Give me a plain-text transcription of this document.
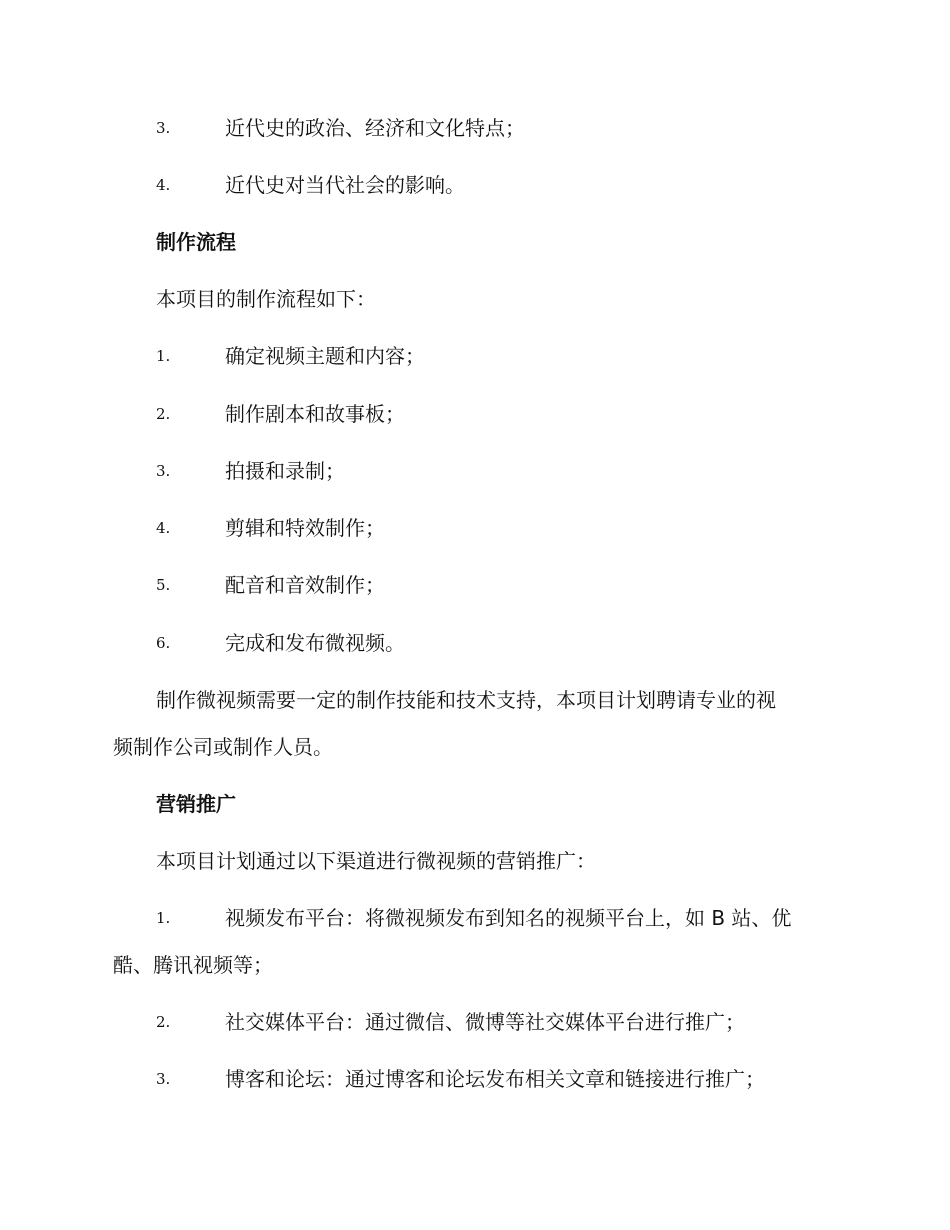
3.	近代史的政治、经济和文化特点；
4.	近代史对当代社会的影响。
制作流程
本项目的制作流程如下：
1.	确定视频主题和内容；
2.	制作剧本和故事板；
3.	拍摄和录制；
4.	剪辑和特效制作；
5.	配音和音效制作；
6.	完成和发布微视频。
制作微视频需要一定的制作技能和技术支持，本项目计划聘请专业的视
频制作公司或制作人员。
营销推广
本项目计划通过以下渠道进行微视频的营销推广：
1.	视频发布平台：将微视频发布到知名的视频平台上，如 B 站、优
酷、腾讯视频等；
2.	社交媒体平台：通过微信、微博等社交媒体平台进行推广；
3.	博客和论坛：通过博客和论坛发布相关文章和链接进行推广；
